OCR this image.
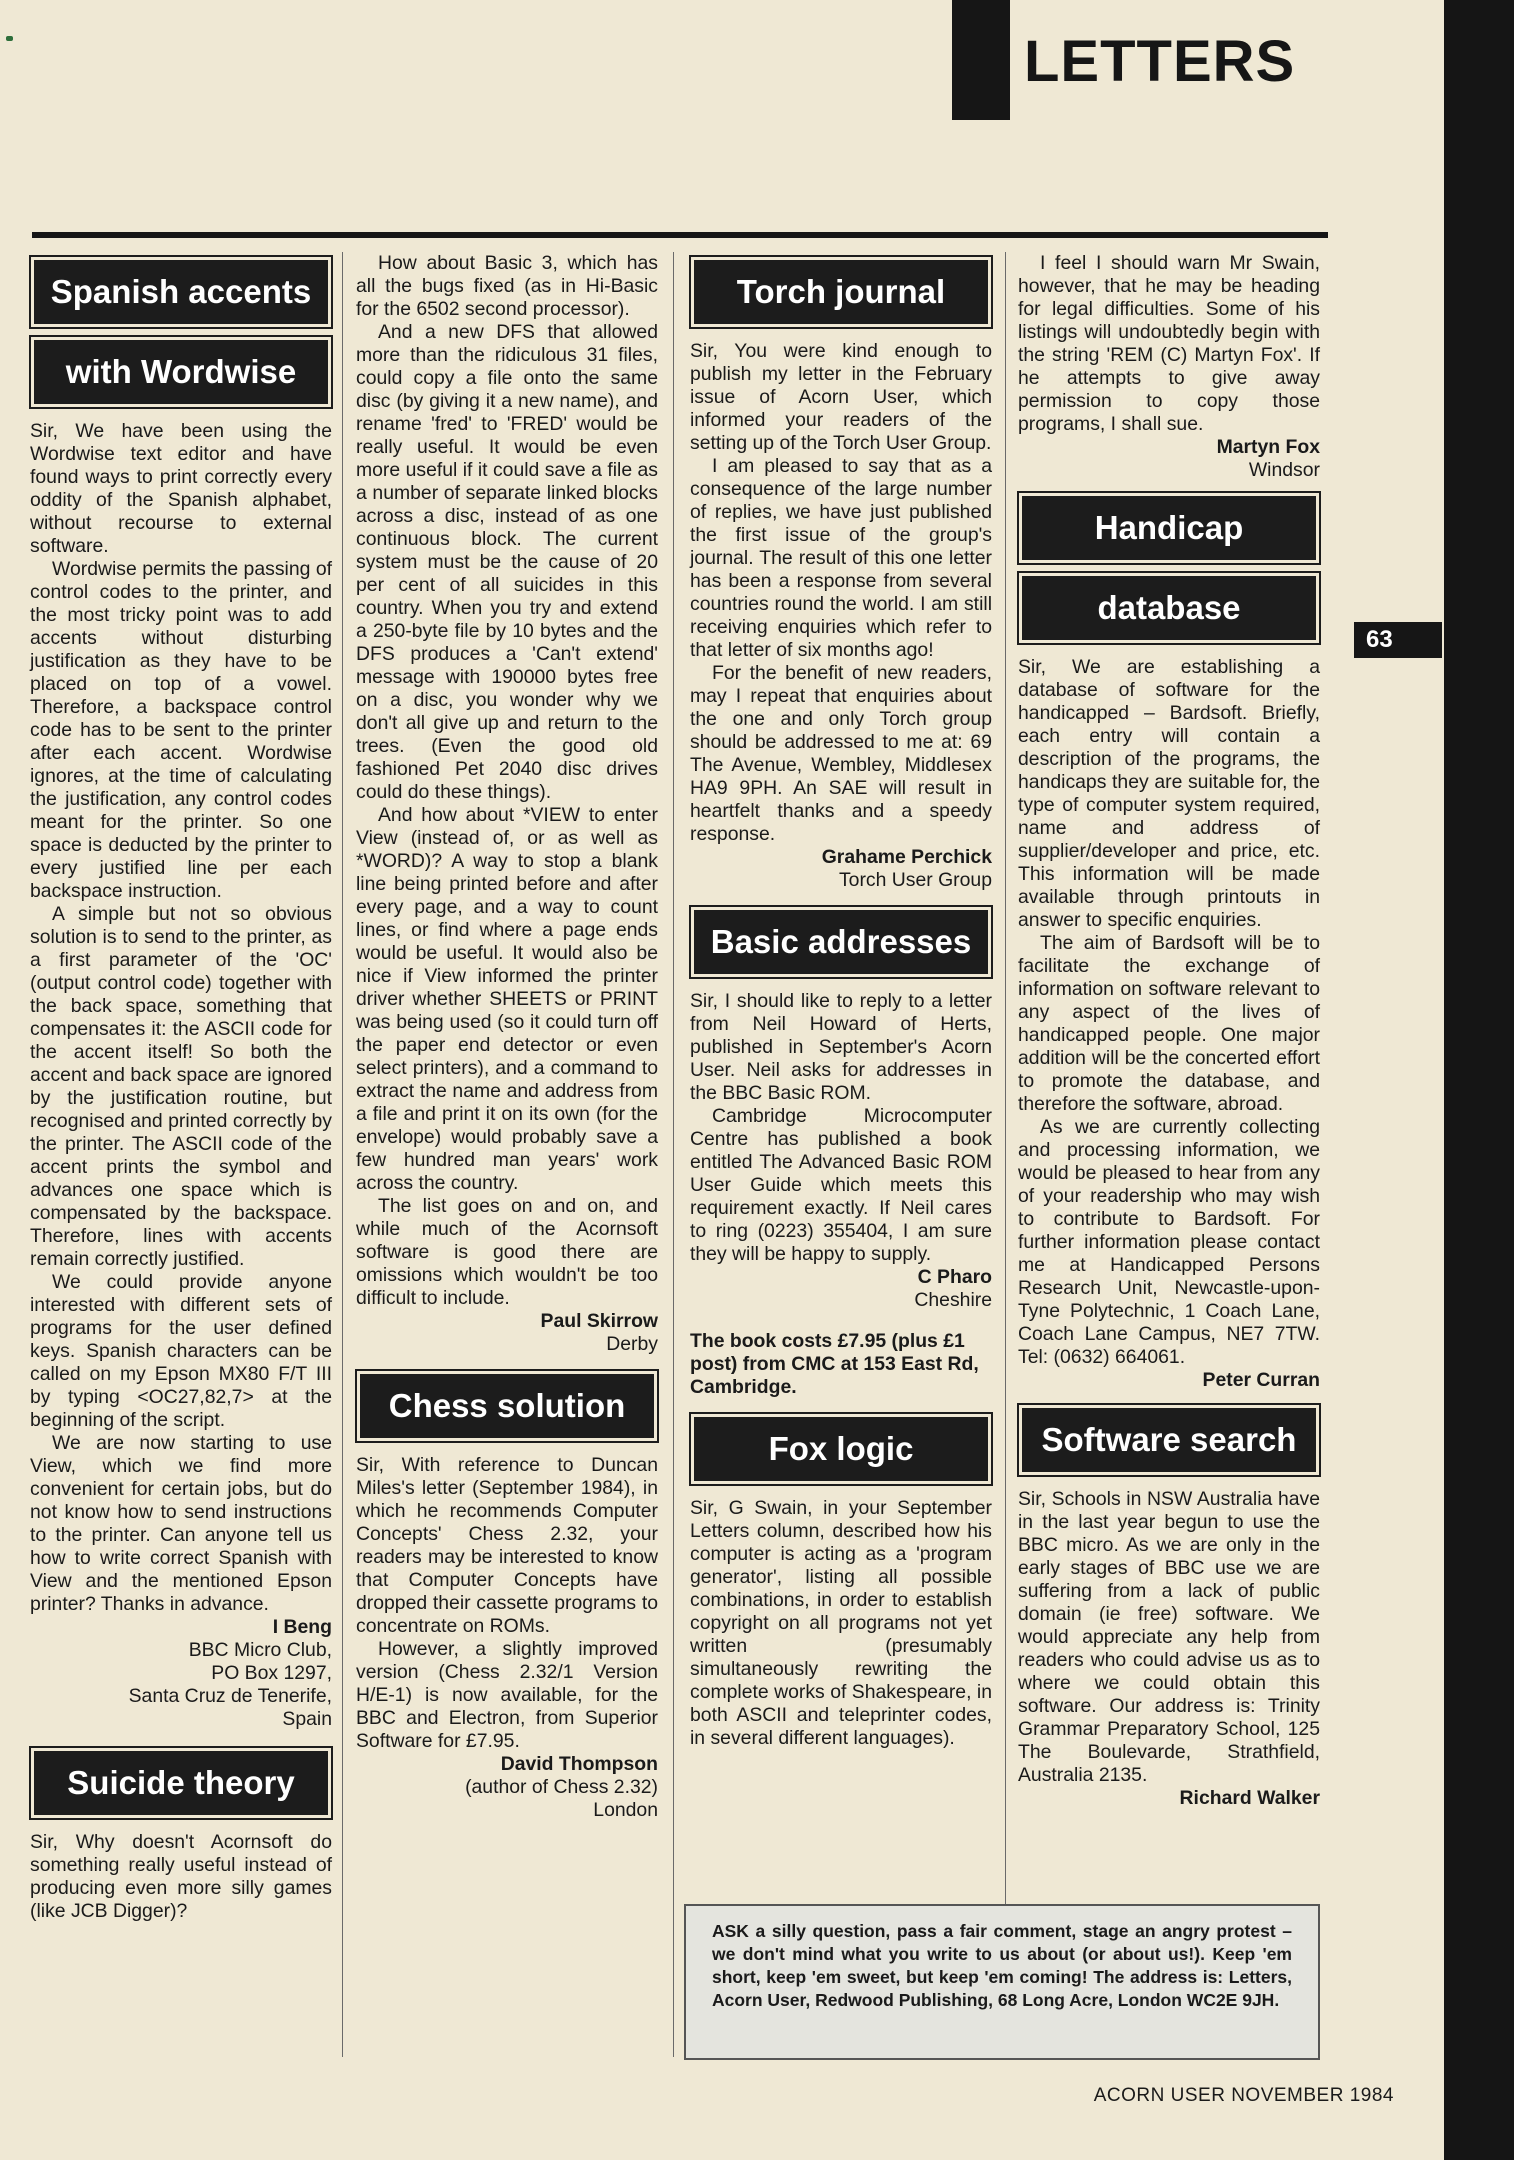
LETTERS
63
Spanish accents
with Wordwise

Sir, We have been using the Wordwise text editor and have found ways to print correctly every oddity of the Spanish alphabet, without recourse to external software.

Wordwise permits the passing of control codes to the printer, and the most tricky point was to add accents without disturbing justification as they have to be placed on top of a vowel. Therefore, a backspace control code has to be sent to the printer after each accent. Wordwise ignores, at the time of calculating the justification, any control codes meant for the printer. So one space is deducted by the printer to every justified line per each backspace instruction.

A simple but not so obvious solution is to send to the printer, as a first parameter of the 'OC' (output control code) together with the back space, something that compensates it: the ASCII code for the accent itself! So both the accent and back space are ignored by the justification routine, but recognised and printed correctly by the printer. The ASCII code of the accent prints the symbol and advances one space which is compensated by the backspace. Therefore, lines with accents remain correctly justified.

We could provide anyone interested with different sets of programs for the user defined keys. Spanish characters can be called on my Epson MX80 F/T III by typing <OC27,82,7> at the beginning of the script.

We are now starting to use View, which we find more convenient for certain jobs, but do not know how to send instructions to the printer. Can anyone tell us how to write correct Spanish with View and the mentioned Epson printer? Thanks in advance.

I Beng
BBC Micro Club,
PO Box 1297,
Santa Cruz de Tenerife,
Spain
Suicide theory

Sir, Why doesn't Acornsoft do something really useful instead of producing even more silly games (like JCB Digger)?

How about Basic 3, which has all the bugs fixed (as in Hi-Basic for the 6502 second processor).

And a new DFS that allowed more than the ridiculous 31 files, could copy a file onto the same disc (by giving it a new name), and rename 'fred' to 'FRED' would be really useful. It would be even more useful if it could save a file as a number of separate linked blocks across a disc, instead of as one continuous block. The current system must be the cause of 20 per cent of all suicides in this country. When you try and extend a 250-byte file by 10 bytes and the DFS produces a 'Can't extend' message with 190000 bytes free on a disc, you wonder why we don't all give up and return to the trees. (Even the good old fashioned Pet 2040 disc drives could do these things).

And how about *VIEW to enter View (instead of, or as well as *WORD)? A way to stop a blank line being printed before and after every page, and a way to count lines, or find where a page ends would be useful. It would also be nice if View informed the printer driver whether SHEETS or PRINT was being used (so it could turn off the paper end detector or even select printers), and a command to extract the name and address from a file and print it on its own (for the envelope) would probably save a few hundred man years' work across the country.

The list goes on and on, and while much of the Acornsoft software is good there are omissions which wouldn't be too difficult to include.

Paul Skirrow
Derby
Chess solution

Sir, With reference to Duncan Miles's letter (September 1984), in which he recommends Computer Concepts' Chess 2.32, your readers may be interested to know that Computer Concepts have dropped their cassette programs to concentrate on ROMs.

However, a slightly improved version (Chess 2.32/1 Version H/E-1) is now available, for the BBC and Electron, from Superior Software for £7.95.

David Thompson
(author of Chess 2.32)
London
Torch journal

Sir, You were kind enough to publish my letter in the February issue of Acorn User, which informed your readers of the setting up of the Torch User Group.

I am pleased to say that as a consequence of the large number of replies, we have just published the first issue of the group's journal. The result of this one letter has been a response from several countries round the world. I am still receiving enquiries which refer to that letter of six months ago!

For the benefit of new readers, may I repeat that enquiries about the one and only Torch group should be addressed to me at: 69 The Avenue, Wembley, Middlesex HA9 9PH. An SAE will result in heartfelt thanks and a speedy response.

Grahame Perchick
Torch User Group
Basic addresses

Sir, I should like to reply to a letter from Neil Howard of Herts, published in September's Acorn User. Neil asks for addresses in the BBC Basic ROM.

Cambridge Microcomputer Centre has published a book entitled The Advanced Basic ROM User Guide which meets this requirement exactly. If Neil cares to ring (0223) 355404, I am sure they will be happy to supply.

C Pharo
Cheshire

The book costs £7.95 (plus £1 post) from CMC at 153 East Rd, Cambridge.

Fox logic

Sir, G Swain, in your September Letters column, described how his computer is acting as a 'program generator', listing all possible combinations, in order to establish copyright on all programs not yet written (presumably simultaneously rewriting the complete works of Shakespeare, in both ASCII and teleprinter codes, in several different languages).

I feel I should warn Mr Swain, however, that he may be heading for legal difficulties. Some of his listings will undoubtedly begin with the string 'REM (C) Martyn Fox'. If he attempts to give away permission to copy those programs, I shall sue.

Martyn Fox
Windsor
Handicap
database

Sir, We are establishing a database of software for the handicapped – Bardsoft. Briefly, each entry will contain a description of the programs, the handicaps they are suitable for, the type of computer system required, name and address of supplier/developer and price, etc. This information will be made available through printouts in answer to specific enquiries.

The aim of Bardsoft will be to facilitate the exchange of information on software relevant to any aspect of the lives of handicapped people. One major addition will be the concerted effort to promote the database, and therefore the software, abroad.

As we are currently collecting and processing information, we would be pleased to hear from any of your readership who may wish to contribute to Bardsoft. For further information please contact me at Handicapped Persons Research Unit, Newcastle-upon-Tyne Polytechnic, 1 Coach Lane, Coach Lane Campus, NE7 7TW. Tel: (0632) 664061.

Peter Curran
Software search

Sir, Schools in NSW Australia have in the last year begun to use the BBC micro. As we are only in the early stages of BBC use we are suffering from a lack of public domain (ie free) software. We would appreciate any help from readers who could advise us as to where we could obtain this software. Our address is: Trinity Grammar Preparatory School, 125 The Boulevarde, Strathfield, Australia 2135.

Richard Walker
ASK a silly question, pass a fair comment, stage an angry protest – we don't mind what you write to us about (or about us!). Keep 'em short, keep 'em sweet, but keep 'em coming! The address is: Letters, Acorn User, Redwood Publishing, 68 Long Acre, London WC2E 9JH.
ACORN USER NOVEMBER 1984
